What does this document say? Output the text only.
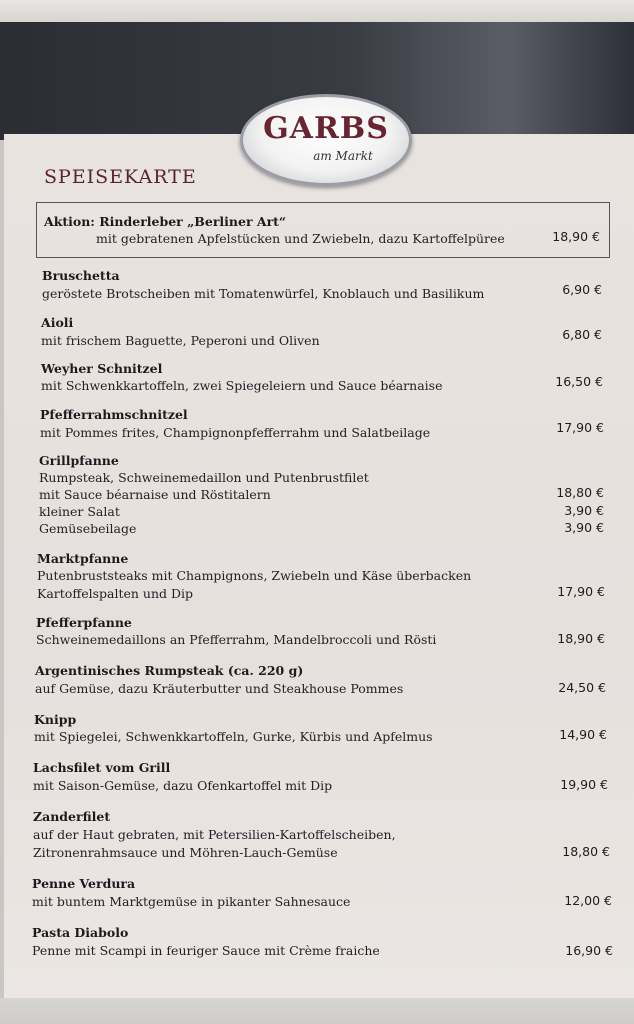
GARBS
am Markt
SPEISEKARTE
Aktion: Rinderleber „Berliner Art“
mit gebratenen Apfelstücken und Zwiebeln, dazu Kartoffelpüree	18,90 €
Bruschetta
geröstete Brotscheiben mit Tomatenwürfel, Knoblauch und Basilikum	6,90 €
Aioli
mit frischem Baguette, Peperoni und Oliven	6,80 €
Weyher Schnitzel
mit Schwenkkartoffeln, zwei Spiegeleiern und Sauce béarnaise	16,50 €
Pfefferrahmschnitzel
mit Pommes frites, Champignonpfefferrahm und Salatbeilage	17,90 €
Grillpfanne
Rumpsteak, Schweinemedaillon und Putenbrustfilet
mit Sauce béarnaise und Röstitalern	18,80 €
kleiner Salat	3,90 €
Gemüsebeilage	3,90 €
Marktpfanne
Putenbruststeaks mit Champignons, Zwiebeln und Käse überbacken
Kartoffelspalten und Dip	17,90 €
Pfefferpfanne
Schweinemedaillons an Pfefferrahm, Mandelbroccoli und Rösti	18,90 €
Argentinisches Rumpsteak (ca. 220 g)
auf Gemüse, dazu Kräuterbutter und Steakhouse Pommes	24,50 €
Knipp
mit Spiegelei, Schwenkkartoffeln, Gurke, Kürbis und Apfelmus	14,90 €
Lachsfilet vom Grill
mit Saison-Gemüse, dazu Ofenkartoffel mit Dip	19,90 €
Zanderfilet
auf der Haut gebraten, mit Petersilien-Kartoffelscheiben,
Zitronenrahmsauce und Möhren-Lauch-Gemüse	18,80 €
Penne Verdura
mit buntem Marktgemüse in pikanter Sahnesauce	12,00 €
Pasta Diabolo
Penne mit Scampi in feuriger Sauce mit Crème fraiche	16,90 €
